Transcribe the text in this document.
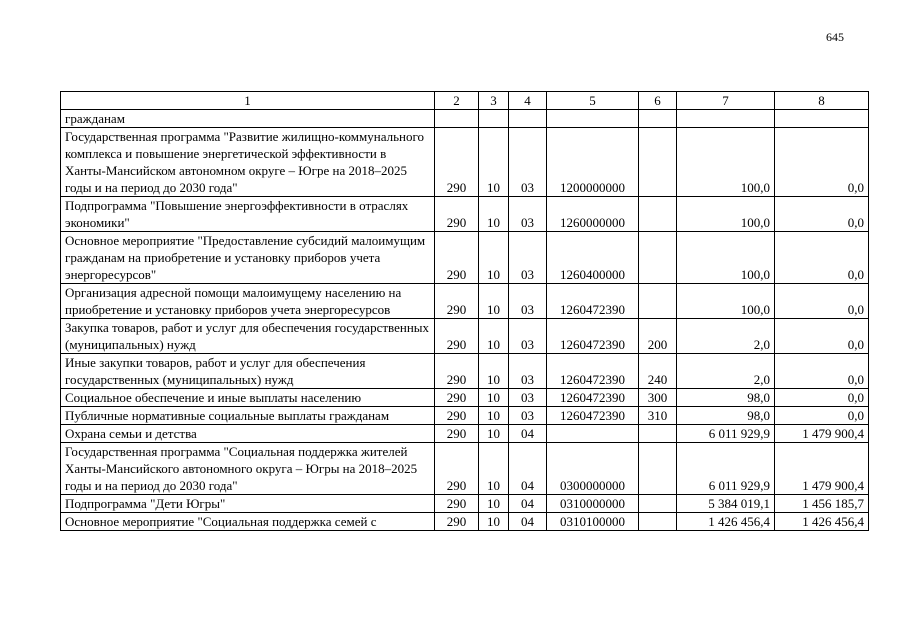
645
1	2	3	4	5	6	7	8
гражданам							
Государственная программа "Развитие жилищно-коммунального комплекса и повышение энергетической эффективности в Ханты-Мансийском автономном округе – Югре на 2018–2025 годы и на период до 2030 года"	290	10	03	1200000000		100,0	0,0
Подпрограмма "Повышение энергоэффективности в отраслях экономики"	290	10	03	1260000000		100,0	0,0
Основное мероприятие "Предоставление субсидий малоимущим гражданам на приобретение и установку приборов учета энергоресурсов"	290	10	03	1260400000		100,0	0,0
Организация адресной помощи малоимущему населению на приобретение и установку приборов учета энергоресурсов	290	10	03	1260472390		100,0	0,0
Закупка товаров, работ и услуг для обеспечения государственных (муниципальных) нужд	290	10	03	1260472390	200	2,0	0,0
Иные закупки товаров, работ и услуг для обеспечения государственных (муниципальных) нужд	290	10	03	1260472390	240	2,0	0,0
Социальное обеспечение и иные выплаты населению	290	10	03	1260472390	300	98,0	0,0
Публичные нормативные социальные выплаты гражданам	290	10	03	1260472390	310	98,0	0,0
Охрана семьи и детства	290	10	04			6 011 929,9	1 479 900,4
Государственная программа "Социальная поддержка жителей Ханты-Мансийского автономного округа – Югры на 2018–2025 годы и на период до 2030 года"	290	10	04	0300000000		6 011 929,9	1 479 900,4
Подпрограмма "Дети Югры"	290	10	04	0310000000		5 384 019,1	1 456 185,7
Основное мероприятие "Социальная поддержка семей с	290	10	04	0310100000		1 426 456,4	1 426 456,4
